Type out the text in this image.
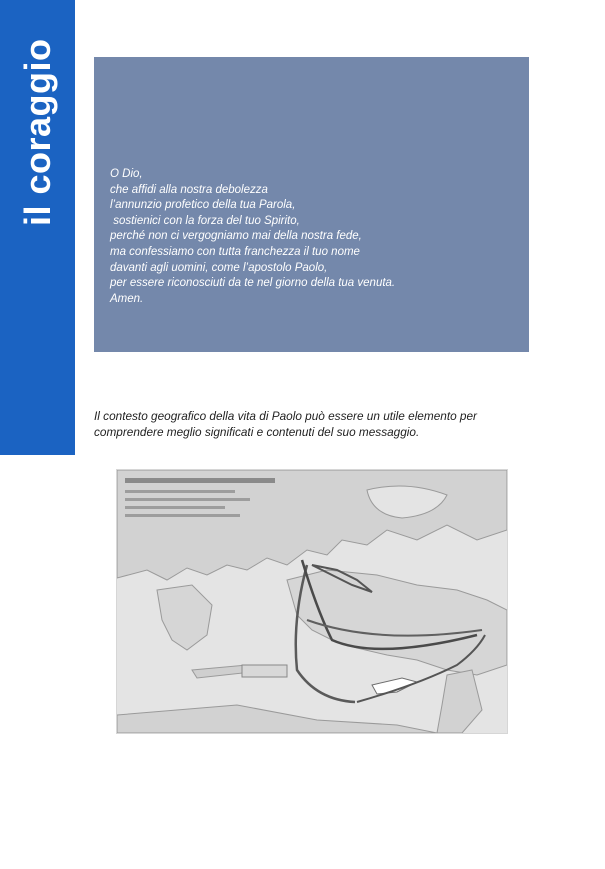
il coraggio	O Dio,
che affidi alla nostra debolezza
l’annunzio profetico della tua Parola,
sostienici con la forza del tuo Spirito,
perché non ci vergogniamo mai della nostra fede,
ma confessiamo con tutta franchezza il tuo nome
davanti agli uomini, come l’apostolo Paolo,
per essere riconosciuti da te nel giorno della tua venuta.
Amen.
Il contesto geografico della vita di Paolo può essere un utile elemento per comprendere meglio significati e contenuti del suo messaggio.
